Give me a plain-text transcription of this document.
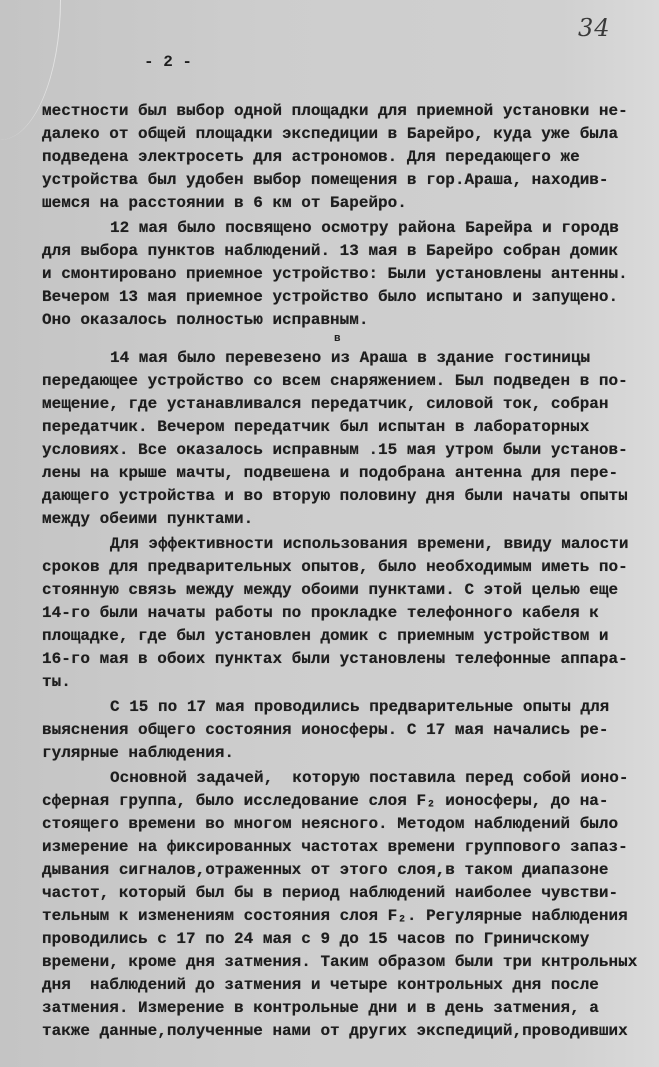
34
- 2 -
местности был выбор одной площадки для приемной установки не-
далеко от общей площадки экспедиции в Барейро, куда уже была
подведена электросеть для астрономов. Для передающего же
устройства был удобен выбор помещения в гор.Араша, находив-
шемся на расстоянии в 6 км от Барейро.
12 мая было посвящено осмотру района Барейра и городв
для выбора пунктов наблюдений. 13 мая в Барейро собран домик
и смонтировано приемное устройство: Были установлены антенны.
Вечером 13 мая приемное устройство было испытано и запущено.
Оно оказалось полностью исправным.
14 мая было перевезено из Араша в здание гостиницы
передающее устройство со всем снаряжением. Был подведен в по-
мещение, где устанавливался передатчик, силовой ток, собран
передатчик. Вечером передатчик был испытан в лабораторных
условиях. Все оказалось исправным .15 мая утром были установ-
лены на крыше мачты, подвешена и подобрана антенна для пере-
дающего устройства и во вторую половину дня были начаты опыты
между обеими пунктами.
Для эффективности использования времени, ввиду малости
сроков для предварительных опытов, было необходимым иметь по-
стоянную связь между между обоими пунктами. С этой целью еще
14-го были начаты работы по прокладке телефонного кабеля к
площадке, где был установлен домик с приемным устройством и
16-го мая в обоих пунктах были установлены телефонные аппара-
ты.
С 15 по 17 мая проводились предварительные опыты для
выяснения общего состояния ионосферы. С 17 мая начались ре-
гулярные наблюдения.
Основной задачей,  которую поставила перед собой ионо-
сферная группа, было исследование слоя F₂ ионосферы, до на-
стоящего времени во многом неясного. Методом наблюдений было
измерение на фиксированных частотах времени группового запаз-
дывания сигналов,отраженных от этого слоя,в таком диапазоне
частот, который был бы в период наблюдений наиболее чувстви-
тельным к изменениям состояния слоя F₂. Регулярные наблюдения
проводились с 17 по 24 мая с 9 до 15 часов по Гриничскому
времени, кроме дня затмения. Таким образом были три кнтрольных
дня  наблюдений до затмения и четыре контрольных дня после
затмения. Измерение в контрольные дни и в день затмения, а
также данные,полученные нами от других экспедиций,проводивших
в
